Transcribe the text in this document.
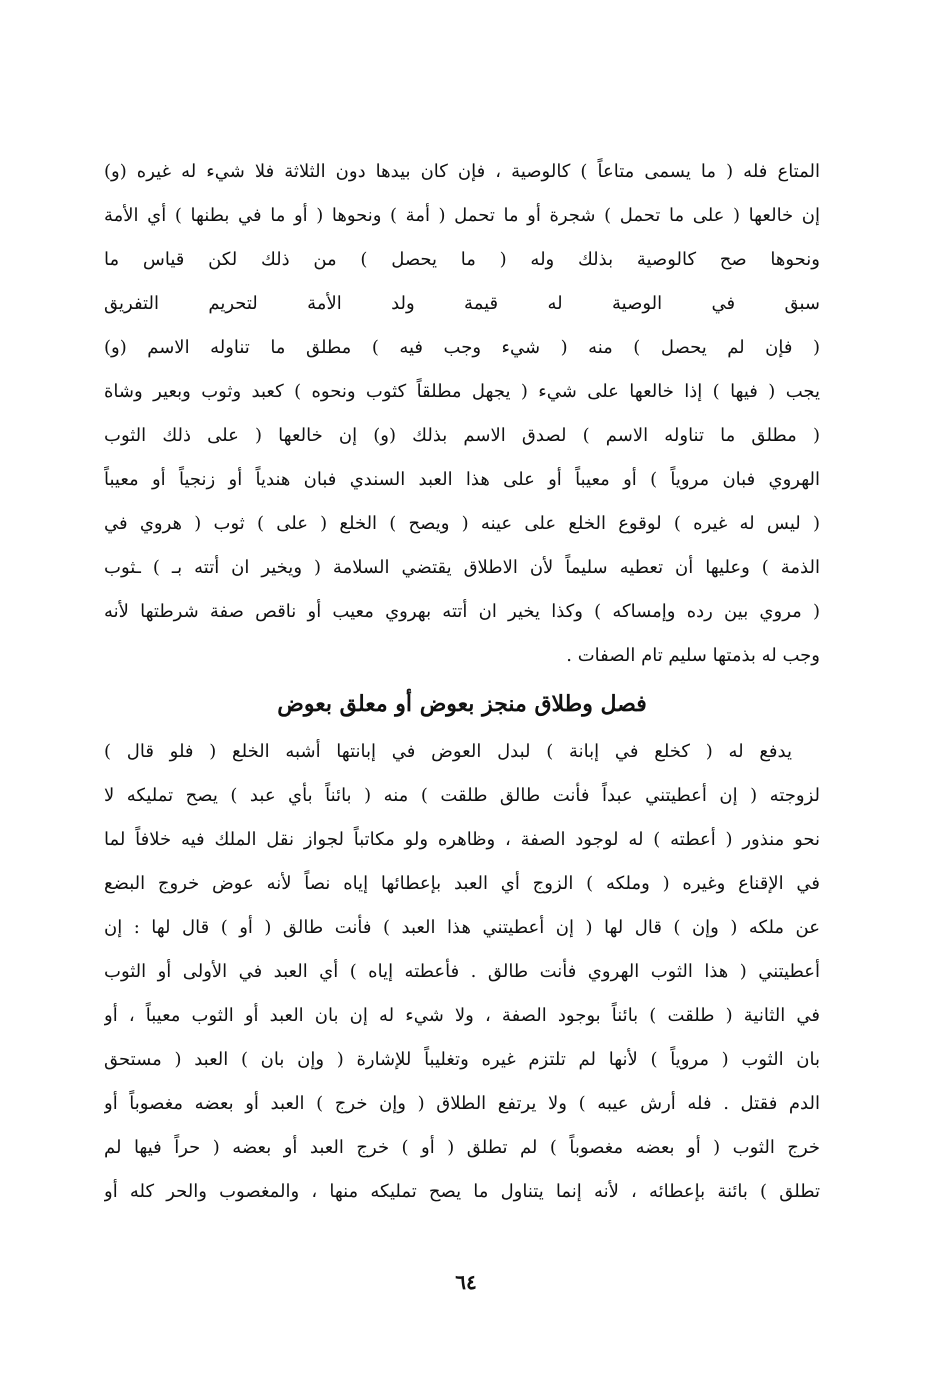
المتاع فله ( ما يسمى متاعاً ) كالوصية ، فإن كان بيدها دون الثلاثة فلا شيء له غيره (و)
إن خالعها ( على ما تحمل ) شجرة أو ما تحمل ( أمة ) ونحوها ( أو ما في بطنها ) أي الأمة
ونحوها صح كالوصية بذلك وله ( ما يحصل ) من ذلك لكن قياس ما
سبق في الوصية له قيمة ولد الأمة لتحريم التفريق
( فإن لم يحصل ) منه ( شيء وجب فيه ) مطلق ما تناوله الاسم (و)
يجب ( فيها ) إذا خالعها على شيء ( يجهل مطلقاً كثوب ونحوه ) كعبد وثوب وبعير وشاة
( مطلق ما تناوله الاسم ) لصدق الاسم بذلك (و) إن خالعها ( على ذلك الثوب
الهروي فبان مروياً ) أو معيباً أو على هذا العبد السندي فبان هندياً أو زنجياً أو معيباً
( ليس له غيره ) لوقوع الخلع على عينه ( ويصح ) الخلع ( على ) ثوب ( هروي في
الذمة ) وعليها أن تعطيه سليماً لأن الاطلاق يقتضي السلامة ( ويخير ان أتته بـ ) ـثوب
( مروي بين رده وإمساكه ) وكذا يخير ان أتته بهروي معيب أو ناقص صفة شرطتها لأنه
وجب له بذمتها سليم تام الصفات .
فصل وطلاق منجز بعوض أو معلق بعوض
يدفع له ( كخلع في إبانة ) لبدل العوض في إبانتها أشبه الخلع ( فلو قال )
لزوجته ( إن أعطيتني عبداً فأنت طالق طلقت ) منه ( بائناً بأي عبد ) يصح تمليكه لا
نحو منذور ( أعطته ) له لوجود الصفة ، وظاهره ولو مكاتباً لجواز نقل الملك فيه خلافاً لما
في الإقناع وغيره ( وملكه ) الزوج أي العبد بإعطائها إياه نصاً لأنه عوض خروج البضع
عن ملكه ( وإن ) قال لها ( إن أعطيتني هذا العبد ) فأنت طالق ( أو ) قال لها : إن
أعطيتني ( هذا الثوب الهروي فأنت طالق . فأعطته إياه ) أي العبد في الأولى أو الثوب
في الثانية ( طلقت ) بائناً بوجود الصفة ، ولا شيء له إن بان العبد أو الثوب معيباً ، أو
بان الثوب ( مروياً ) لأنها لم تلتزم غيره وتغليباً للإشارة ( وإن بان ) العبد ( مستحق
الدم فقتل . فله أرش عيبه ) ولا يرتفع الطلاق ( وإن خرج ) العبد أو بعضه مغصوباً أو
خرج الثوب ( أو بعضه مغصوباً ) لم تطلق ( أو ) خرج العبد أو بعضه ( حراً فيها لم
تطلق ) بائنة بإعطائه ، لأنه إنما يتناول ما يصح تمليكه منها ، والمغصوب والحر كله أو
٦٤
